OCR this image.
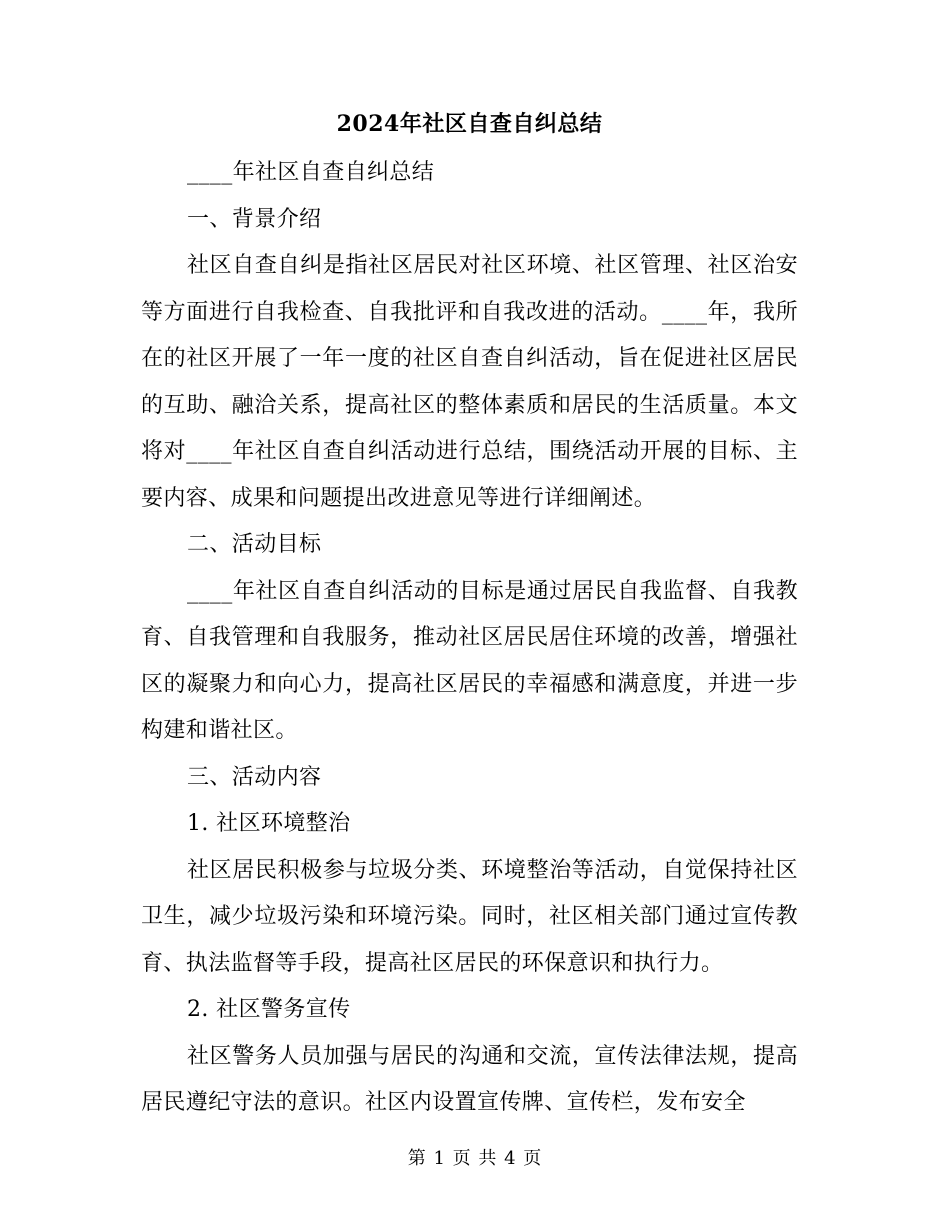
2024年社区自查自纠总结

____年社区自查自纠总结

一、背景介绍

社区自查自纠是指社区居民对社区环境、社区管理、社区治安等方面进行自我检查、自我批评和自我改进的活动。____年，我所在的社区开展了一年一度的社区自查自纠活动，旨在促进社区居民的互助、融洽关系，提高社区的整体素质和居民的生活质量。本文将对____年社区自查自纠活动进行总结，围绕活动开展的目标、主要内容、成果和问题提出改进意见等进行详细阐述。

二、活动目标

____年社区自查自纠活动的目标是通过居民自我监督、自我教育、自我管理和自我服务，推动社区居民居住环境的改善，增强社区的凝聚力和向心力，提高社区居民的幸福感和满意度，并进一步构建和谐社区。

三、活动内容

1. 社区环境整治

社区居民积极参与垃圾分类、环境整治等活动，自觉保持社区卫生，减少垃圾污染和环境污染。同时，社区相关部门通过宣传教育、执法监督等手段，提高社区居民的环保意识和执行力。

2. 社区警务宣传

社区警务人员加强与居民的沟通和交流，宣传法律法规，提高居民遵纪守法的意识。社区内设置宣传牌、宣传栏，发布安全

第 1 页 共 4 页
